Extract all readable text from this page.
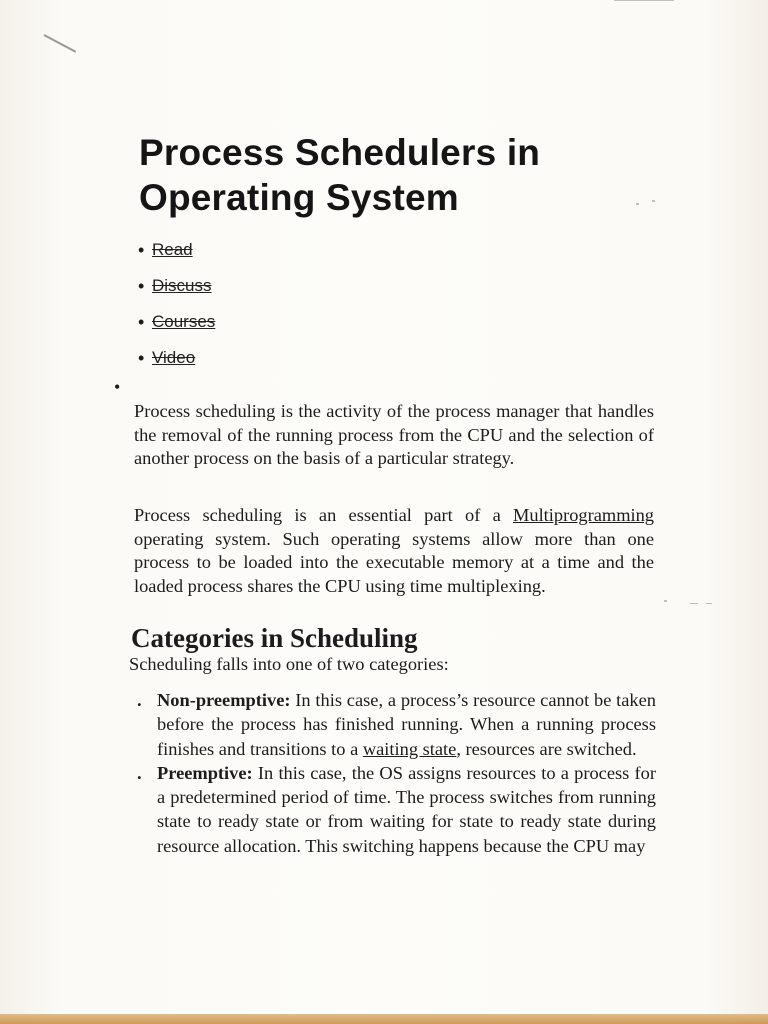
Process Schedulers in Operating System
• Read
• Discuss
• Courses
• Video
•

Process scheduling is the activity of the process manager that handles the removal of the running process from the CPU and the selection of another process on the basis of a particular strategy.

Process scheduling is an essential part of a Multiprogramming operating system. Such operating systems allow more than one process to be loaded into the executable memory at a time and the loaded process shares the CPU using time multiplexing.

Categories in Scheduling

Scheduling falls into one of two categories:

. Non-preemptive: In this case, a process’s resource cannot be taken before the process has finished running. When a running process finishes and transitions to a waiting state, resources are switched.
. Preemptive: In this case, the OS assigns resources to a process for a predetermined period of time. The process switches from running state to ready state or from waiting for state to ready state during resource allocation. This switching happens because the CPU may
